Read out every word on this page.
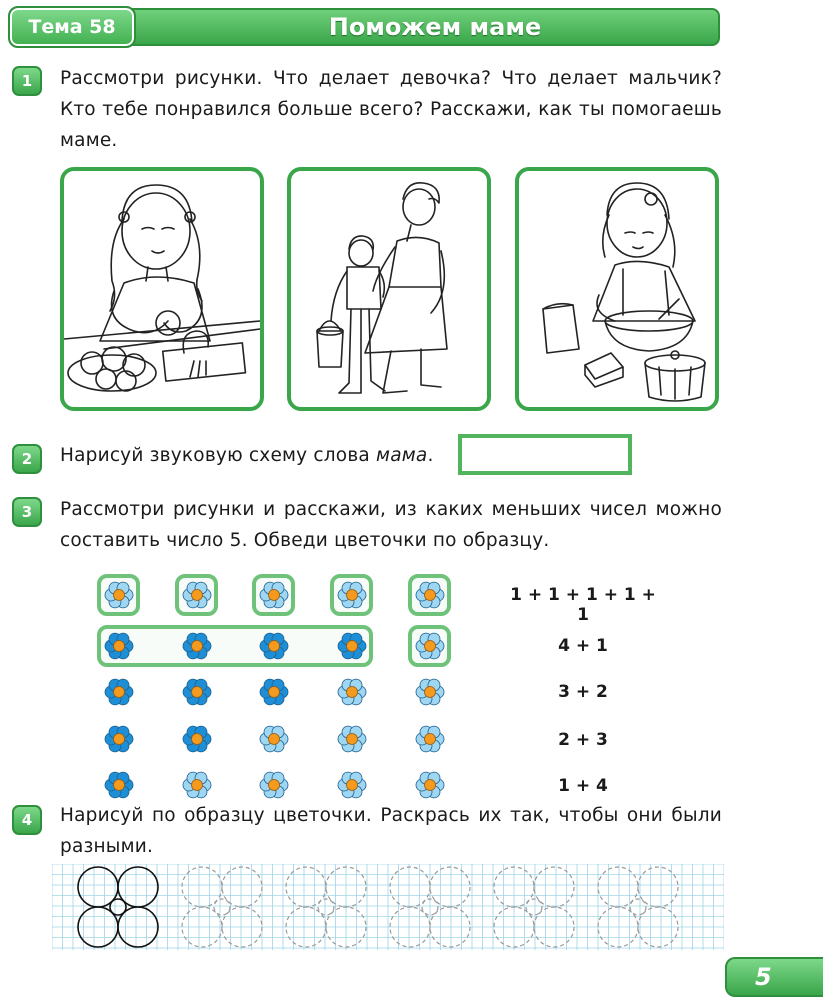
Тема 58	Поможем маме
1	Рассмотри рисунки. Что делает девочка? Что делает мальчик? Кто тебе понравился больше всего? Расскажи, как ты помогаешь маме.
2	Нарисуй звуковую схему слова мама.
3	Рассмотри рисунки и расскажи, из каких меньших чисел можно составить число 5. Обведи цветочки по образцу.
1 + 1 + 1 + 1 + 1
4 + 1
3 + 2
2 + 3
1 + 4
4	Нарисуй по образцу цветочки. Раскрась их так, чтобы они были разными.
5
